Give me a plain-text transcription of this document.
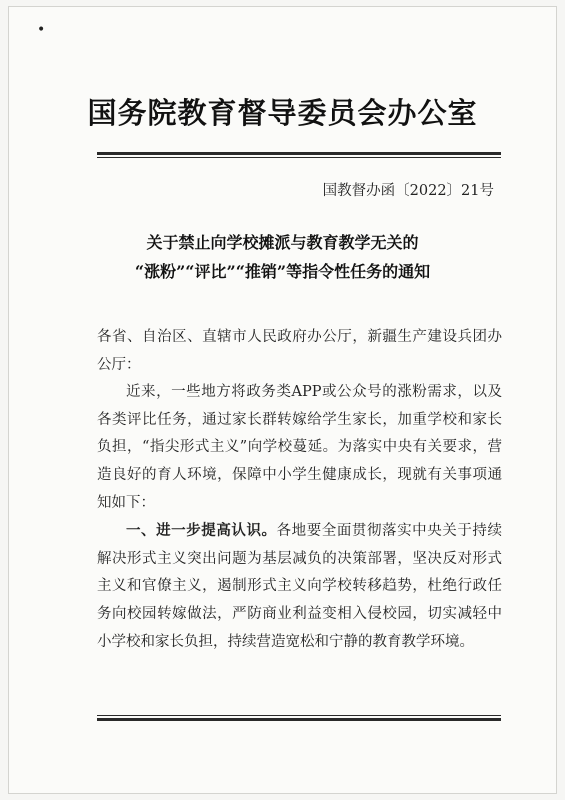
•
国务院教育督导委员会办公室
国教督办函〔2022〕21号
关于禁止向学校摊派与教育教学无关的
“涨粉”“评比”“推销”等指令性任务的通知

各省、自治区、直辖市人民政府办公厅，新疆生产建设兵团办公厅：

近来，一些地方将政务类APP或公众号的涨粉需求，以及各类评比任务，通过家长群转嫁给学生家长，加重学校和家长负担，“指尖形式主义”向学校蔓延。为落实中央有关要求，营造良好的育人环境，保障中小学生健康成长，现就有关事项通知如下：

一、进一步提高认识。各地要全面贯彻落实中央关于持续解决形式主义突出问题为基层减负的决策部署，坚决反对形式主义和官僚主义，遏制形式主义向学校转移趋势，杜绝行政任务向校园转嫁做法，严防商业利益变相入侵校园，切实减轻中小学校和家长负担，持续营造宽松和宁静的教育教学环境。
